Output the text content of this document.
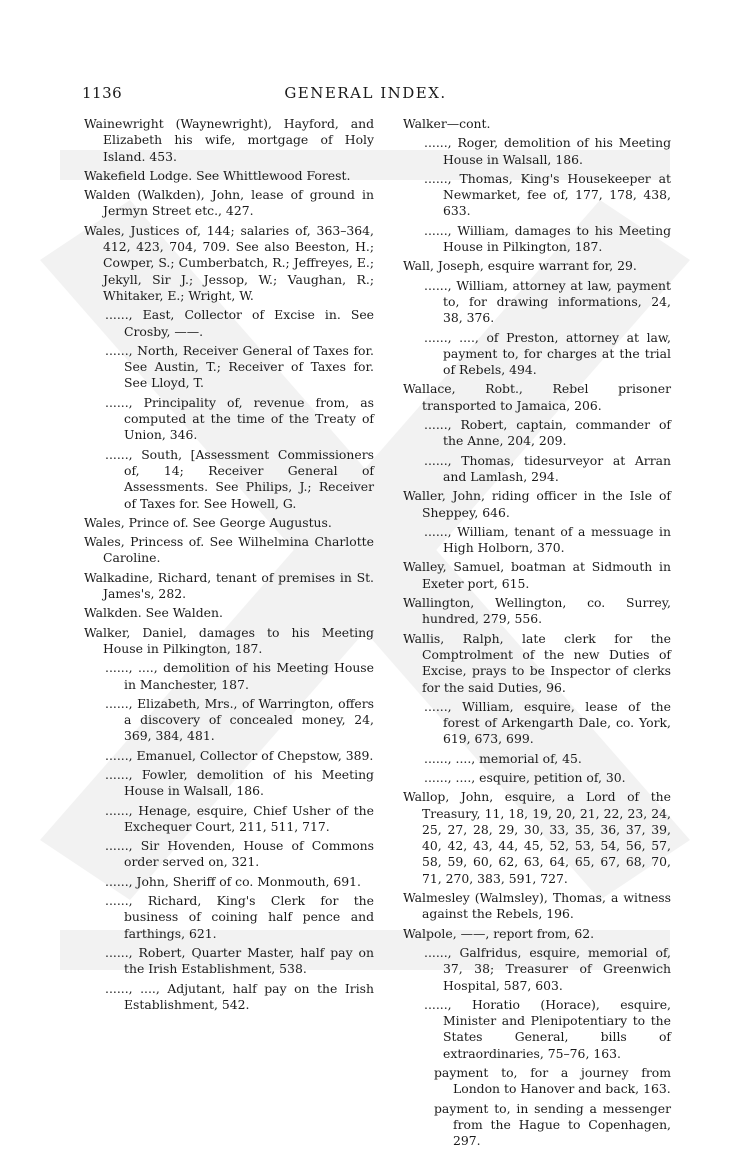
1136	GENERAL INDEX.

Wainewright (Waynewright), Hayford, and Elizabeth his wife, mortgage of Holy Island. 453.

Wakefield Lodge. See Whittlewood Forest.

Walden (Walkden), John, lease of ground in Jermyn Street etc., 427.

Wales, Justices of, 144; salaries of, 363–364, 412, 423, 704, 709. See also Beeston, H.; Cowper, S.; Cumberbatch, R.; Jeffreyes, E.; Jekyll, Sir J.; Jessop, W.; Vaughan, R.; Whitaker, E.; Wright, W.

......, East, Collector of Excise in. See Crosby, ——.

......, North, Receiver General of Taxes for. See Austin, T.; Receiver of Taxes for. See Lloyd, T.

......, Principality of, revenue from, as computed at the time of the Treaty of Union, 346.

......, South, [Assessment Commissioners of, 14; Receiver General of Assessments. See Philips, J.; Receiver of Taxes for. See Howell, G.

Wales, Prince of. See George Augustus.

Wales, Princess of. See Wilhelmina Charlotte Caroline.

Walkadine, Richard, tenant of premises in St. James's, 282.

Walkden. See Walden.

Walker, Daniel, damages to his Meeting House in Pilkington, 187.

......, ...., demolition of his Meeting House in Manchester, 187.

......, Elizabeth, Mrs., of Warrington, offers a discovery of concealed money, 24, 369, 384, 481.

......, Emanuel, Collector of Chepstow, 389.

......, Fowler, demolition of his Meeting House in Walsall, 186.

......, Henage, esquire, Chief Usher of the Exchequer Court, 211, 511, 717.

......, Sir Hovenden, House of Commons order served on, 321.

......, John, Sheriff of co. Monmouth, 691.

......, Richard, King's Clerk for the business of coining half pence and farthings, 621.

......, Robert, Quarter Master, half pay on the Irish Establishment, 538.

......, ...., Adjutant, half pay on the Irish Establishment, 542.

Walker—cont.

......, Roger, demolition of his Meeting House in Walsall, 186.

......, Thomas, King's Housekeeper at Newmarket, fee of, 177, 178, 438, 633.

......, William, damages to his Meeting House in Pilkington, 187.

Wall, Joseph, esquire warrant for, 29.

......, William, attorney at law, payment to, for drawing informations, 24, 38, 376.

......, ...., of Preston, attorney at law, payment to, for charges at the trial of Rebels, 494.

Wallace, Robt., Rebel prisoner transported to Jamaica, 206.

......, Robert, captain, commander of the Anne, 204, 209.

......, Thomas, tidesurveyor at Arran and Lamlash, 294.

Waller, John, riding officer in the Isle of Sheppey, 646.

......, William, tenant of a messuage in High Holborn, 370.

Walley, Samuel, boatman at Sidmouth in Exeter port, 615.

Wallington, Wellington, co. Surrey, hundred, 279, 556.

Wallis, Ralph, late clerk for the Comptrolment of the new Duties of Excise, prays to be Inspector of clerks for the said Duties, 96.

......, William, esquire, lease of the forest of Arkengarth Dale, co. York, 619, 673, 699.

......, ...., memorial of, 45.

......, ...., esquire, petition of, 30.

Wallop, John, esquire, a Lord of the Treasury, 11, 18, 19, 20, 21, 22, 23, 24, 25, 27, 28, 29, 30, 33, 35, 36, 37, 39, 40, 42, 43, 44, 45, 52, 53, 54, 56, 57, 58, 59, 60, 62, 63, 64, 65, 67, 68, 70, 71, 270, 383, 591, 727.

Walmesley (Walmsley), Thomas, a witness against the Rebels, 196.

Walpole, ——, report from, 62.

......, Galfridus, esquire, memorial of, 37, 38; Treasurer of Greenwich Hospital, 587, 603.

......, Horatio (Horace), esquire, Minister and Plenipotentiary to the States General, bills of extraordinaries, 75–76, 163.

payment to, for a journey from London to Hanover and back, 163.

payment to, in sending a messenger from the Hague to Copenhagen, 297.
